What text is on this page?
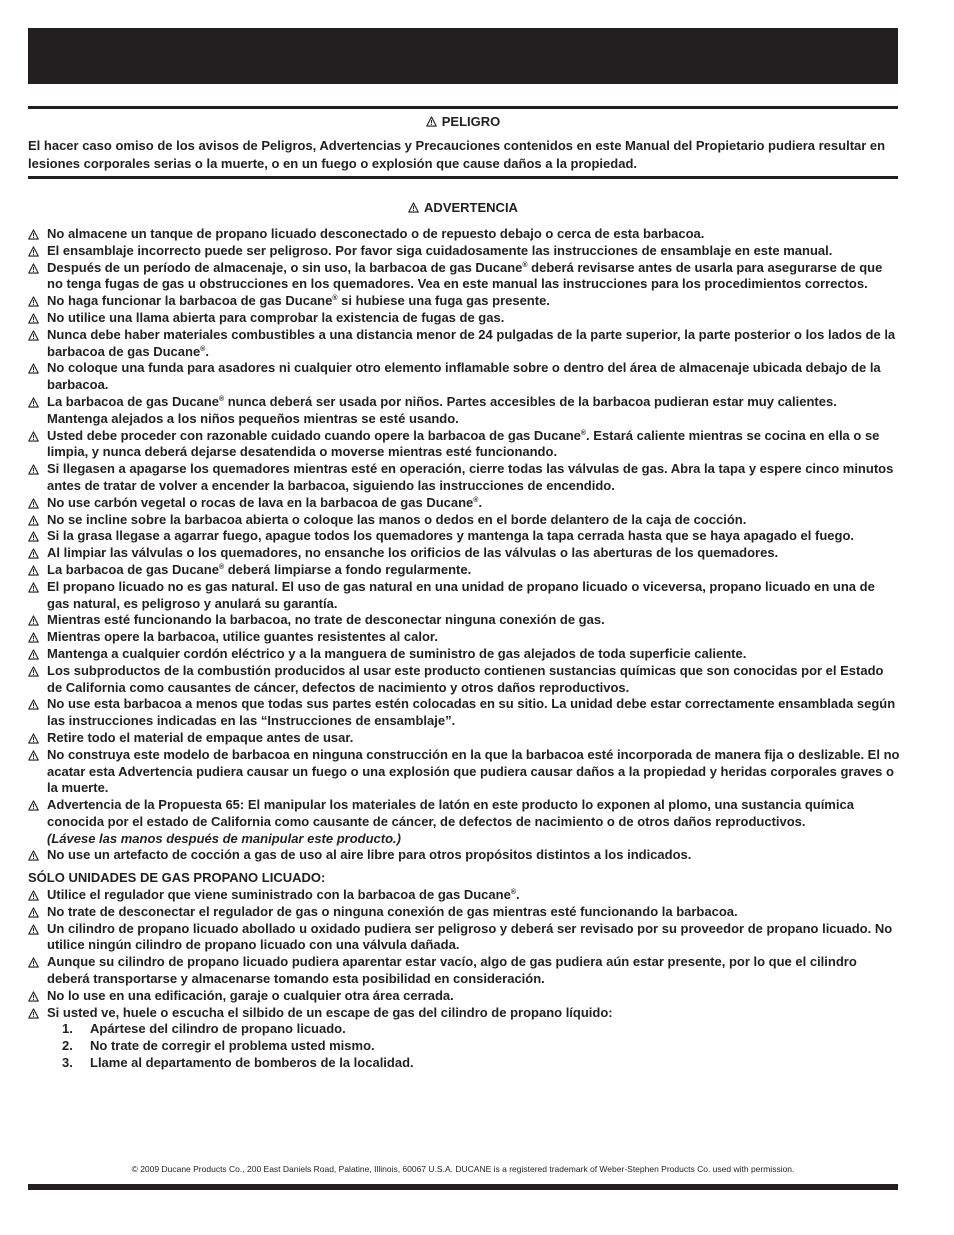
PELIGRO
El hacer caso omiso de los avisos de Peligros, Advertencias y Precauciones contenidos en este Manual del Propietario pudiera resultar en lesiones corporales serias o la muerte, o en un fuego o explosión que cause daños a la propiedad.
ADVERTENCIA
No almacene un tanque de propano licuado desconectado o de repuesto debajo o cerca de esta barbacoa.
El ensamblaje incorrecto puede ser peligroso. Por favor siga cuidadosamente las instrucciones de ensamblaje en este manual.
Después de un período de almacenaje, o sin uso, la barbacoa de gas Ducane® deberá revisarse antes de usarla para asegurarse de que no tenga fugas de gas u obstrucciones en los quemadores. Vea en este manual las instrucciones para los procedimientos correctos.
No haga funcionar la barbacoa de gas Ducane® si hubiese una fuga gas presente.
No utilice una llama abierta para comprobar la existencia de fugas de gas.
Nunca debe haber materiales combustibles a una distancia menor de 24 pulgadas de la parte superior, la parte posterior o los lados de la barbacoa de gas Ducane®.
No coloque una funda para asadores ni cualquier otro elemento inflamable sobre o dentro del área de almacenaje ubicada debajo de la barbacoa.
La barbacoa de gas Ducane® nunca deberá ser usada por niños. Partes accesibles de la barbacoa pudieran estar muy calientes. Mantenga alejados a los niños pequeños mientras se esté usando.
Usted debe proceder con razonable cuidado cuando opere la barbacoa de gas Ducane®. Estará caliente mientras se cocina en ella o se limpia, y nunca deberá dejarse desatendida o moverse mientras esté funcionando.
Si llegasen a apagarse los quemadores mientras esté en operación, cierre todas las válvulas de gas. Abra la tapa y espere cinco minutos antes de tratar de volver a encender la barbacoa, siguiendo las instrucciones de encendido.
No use carbón vegetal o rocas de lava en la barbacoa de gas Ducane®.
No se incline sobre la barbacoa abierta o coloque las manos o dedos en el borde delantero de la caja de cocción.
Si la grasa llegase a agarrar fuego, apague todos los quemadores y mantenga la tapa cerrada hasta que se haya apagado el fuego.
Al limpiar las válvulas o los quemadores, no ensanche los orificios de las válvulas o las aberturas de los quemadores.
La barbacoa de gas Ducane® deberá limpiarse a fondo regularmente.
El propano licuado no es gas natural. El uso de gas natural en una unidad de propano licuado o viceversa, propano licuado en una de gas natural, es peligroso y anulará su garantía.
Mientras esté funcionando la barbacoa, no trate de desconectar ninguna conexión de gas.
Mientras opere la barbacoa, utilice guantes resistentes al calor.
Mantenga a cualquier cordón eléctrico y a la manguera de suministro de gas alejados de toda superficie caliente.
Los subproductos de la combustión producidos al usar este producto contienen sustancias químicas que son conocidas por el Estado de California como causantes de cáncer, defectos de nacimiento y otros daños reproductivos.
No use esta barbacoa a menos que todas sus partes estén colocadas en su sitio. La unidad debe estar correctamente ensamblada según las instrucciones indicadas en las “Instrucciones de ensamblaje”.
Retire todo el material de empaque antes de usar.
No construya este modelo de barbacoa en ninguna construcción en la que la barbacoa esté incorporada de manera fija o deslizable. El no acatar esta Advertencia pudiera causar un fuego o una explosión que pudiera causar daños a la propiedad y heridas corporales graves o la muerte.
Advertencia de la Propuesta 65: El manipular los materiales de latón en este producto lo exponen al plomo, una sustancia química conocida por el estado de California como causante de cáncer, de defectos de nacimiento o de otros daños reproductivos.
(Lávese las manos después de manipular este producto.)
No use un artefacto de cocción a gas de uso al aire libre para otros propósitos distintos a los indicados.
SÓLO UNIDADES DE GAS PROPANO LICUADO:
Utilice el regulador que viene suministrado con la barbacoa de gas Ducane®.
No trate de desconectar el regulador de gas o ninguna conexión de gas mientras esté funcionando la barbacoa.
Un cilindro de propano licuado abollado u oxidado pudiera ser peligroso y deberá ser revisado por su proveedor de propano licuado. No utilice ningún cilindro de propano licuado con una válvula dañada.
Aunque su cilindro de propano licuado pudiera aparentar estar vacío, algo de gas pudiera aún estar presente, por lo que el cilindro deberá transportarse y almacenarse tomando esta posibilidad en consideración.
No lo use en una edificación, garaje o cualquier otra área cerrada.
Si usted ve, huele o escucha el silbido de un escape de gas del cilindro de propano líquido:
1. Apártese del cilindro de propano licuado.
2. No trate de corregir el problema usted mismo.
3. Llame al departamento de bomberos de la localidad.
© 2009 Ducane Products Co., 200 East Daniels Road, Palatine, Illinois, 60067 U.S.A. DUCANE is a registered trademark of Weber-Stephen Products Co. used with permission.
